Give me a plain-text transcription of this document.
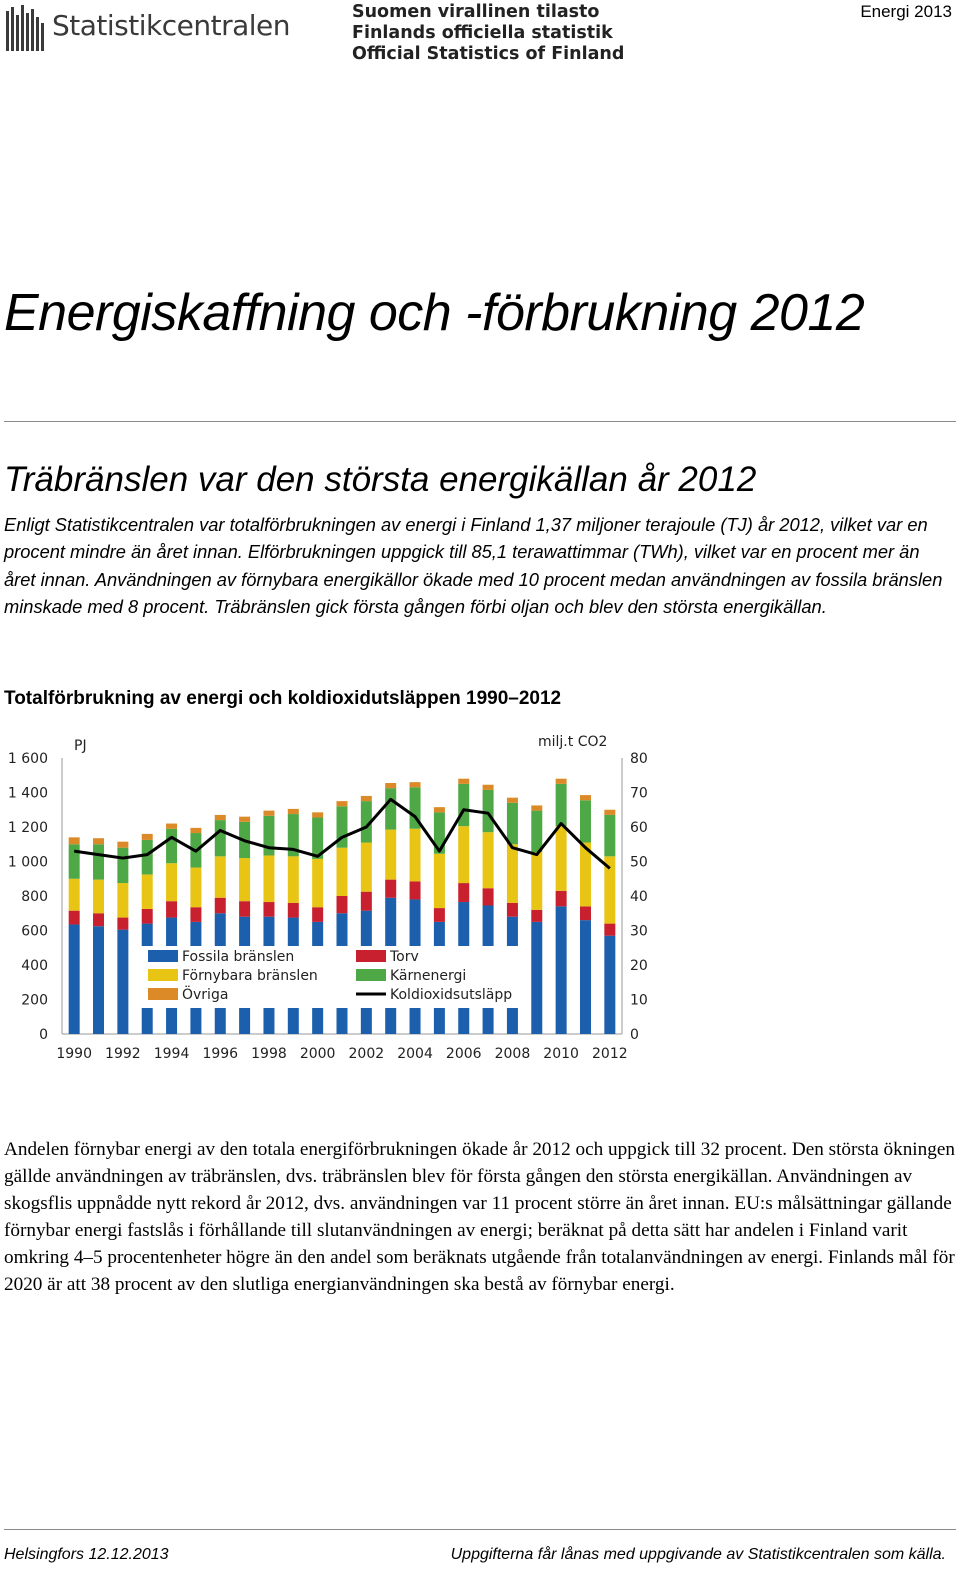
Statistikcentralen	Suomen virallinen tilasto
Finlands officiella statistik
Official Statistics of Finland
Energi 2013
Energiskaffning och -förbrukning 2012
Träbränslen var den största energikällan år 2012

Enligt Statistikcentralen var totalförbrukningen av energi i Finland 1,37 miljoner terajoule (TJ) år 2012, vilket var en procent mindre än året innan. Elförbrukningen uppgick till 85,1 terawattimmar (TWh), vilket var en procent mer än året innan. Användningen av förnybara energikällor ökade med 10 procent medan användningen av fossila bränslen minskade med 8 procent. Träbränslen gick första gången förbi oljan och blev den största energikällan.

Totalförbrukning av energi och koldioxidutsläppen 1990–2012
0
200
400
600
800
1 000
1 200
1 400
1 600
0
10
20
30
40
50
60
70
80
PJ	milj.t CO2
1990 1992 1994 1996 1998 2000 2002 2004 2006 2008 2010 2012
Fossila bränslen
Förnybara bränslen
Övriga
Torv
Kärnenergi
Koldioxidsutsläpp

Andelen förnybar energi av den totala energiförbrukningen ökade år 2012 och uppgick till 32 procent. Den största ökningen gällde användningen av träbränslen, dvs. träbränslen blev för första gången den största energikällan. Användningen av skogsflis uppnådde nytt rekord år 2012, dvs. användningen var 11 procent större än året innan. EU:s målsättningar gällande förnybar energi fastslås i förhållande till slutanvändningen av energi; beräknat på detta sätt har andelen i Finland varit omkring 4–5 procentenheter högre än den andel som beräknats utgående från totalanvändningen av energi. Finlands mål för 2020 är att 38 procent av den slutliga energianvändningen ska bestå av förnybar energi.

Helsingfors 12.12.2013	Uppgifterna får lånas med uppgivande av Statistikcentralen som källa.
